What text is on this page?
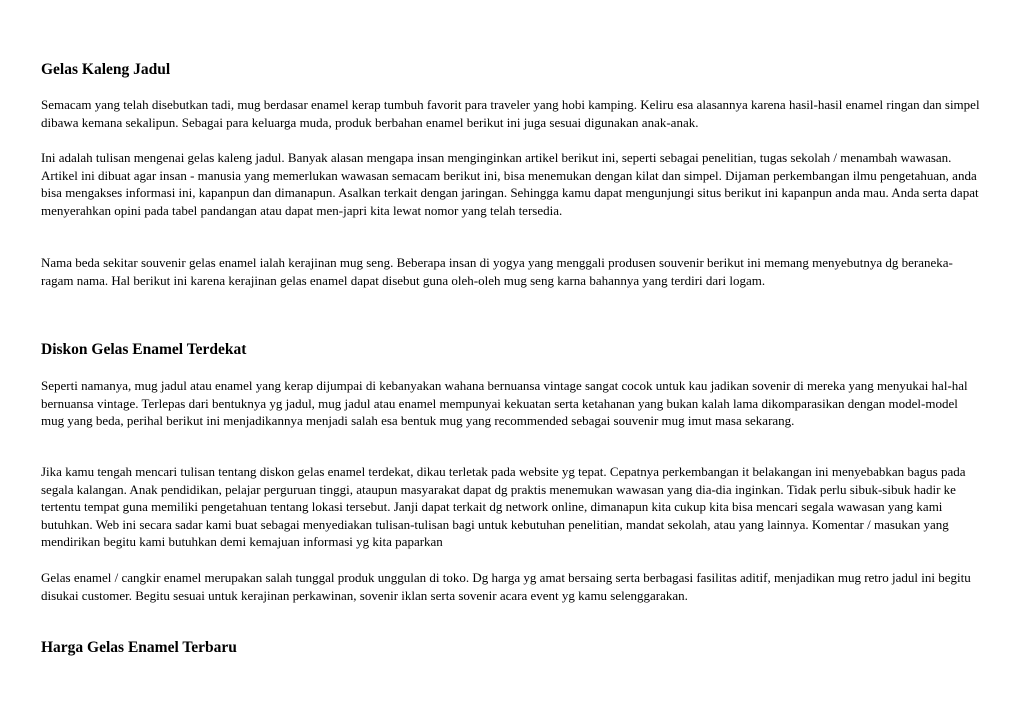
Gelas Kaleng Jadul

Semacam yang telah disebutkan tadi, mug berdasar enamel kerap tumbuh favorit para traveler yang hobi kamping. Keliru esa alasannya karena hasil-hasil enamel ringan dan simpel dibawa kemana sekalipun. Sebagai para keluarga muda, produk berbahan enamel berikut ini juga sesuai digunakan anak-anak.

Ini adalah tulisan mengenai gelas kaleng jadul. Banyak alasan mengapa insan menginginkan artikel berikut ini, seperti sebagai penelitian, tugas sekolah / menambah wawasan. Artikel ini dibuat agar insan - manusia yang memerlukan wawasan semacam berikut ini, bisa menemukan dengan kilat dan simpel. Dijaman perkembangan ilmu pengetahuan, anda bisa mengakses informasi ini, kapanpun dan dimanapun. Asalkan terkait dengan jaringan. Sehingga kamu dapat mengunjungi situs berikut ini kapanpun anda mau. Anda serta dapat menyerahkan opini pada tabel pandangan atau dapat men-japri kita lewat nomor yang telah tersedia.

Nama beda sekitar souvenir gelas enamel ialah kerajinan mug seng. Beberapa insan di yogya yang menggali produsen souvenir berikut ini memang menyebutnya dg beraneka-ragam nama. Hal berikut ini karena kerajinan gelas enamel dapat disebut guna oleh-oleh mug seng karna bahannya yang terdiri dari logam.

Diskon Gelas Enamel Terdekat

Seperti namanya, mug jadul atau enamel yang kerap dijumpai di kebanyakan wahana bernuansa vintage sangat cocok untuk kau jadikan sovenir di mereka yang menyukai hal-hal bernuansa vintage. Terlepas dari bentuknya yg jadul, mug jadul atau enamel mempunyai kekuatan serta ketahanan yang bukan kalah lama dikomparasikan dengan model-model mug yang beda, perihal berikut ini menjadikannya menjadi salah esa bentuk mug yang recommended sebagai souvenir mug imut masa sekarang.

Jika kamu tengah mencari tulisan tentang diskon gelas enamel terdekat, dikau terletak pada website yg tepat. Cepatnya perkembangan it belakangan ini menyebabkan bagus pada segala kalangan. Anak pendidikan, pelajar perguruan tinggi, ataupun masyarakat dapat dg praktis menemukan wawasan yang dia-dia inginkan. Tidak perlu sibuk-sibuk hadir ke tertentu tempat guna memiliki pengetahuan tentang lokasi tersebut. Janji dapat terkait dg network online, dimanapun kita cukup kita bisa mencari segala wawasan yang kami butuhkan. Web ini secara sadar kami buat sebagai menyediakan tulisan-tulisan bagi untuk kebutuhan penelitian, mandat sekolah, atau yang lainnya. Komentar / masukan yang mendirikan begitu kami butuhkan demi kemajuan informasi yg kita paparkan

Gelas enamel / cangkir enamel merupakan salah tunggal produk unggulan di toko. Dg harga yg amat bersaing serta berbagasi fasilitas aditif, menjadikan mug retro jadul ini begitu disukai customer. Begitu sesuai untuk kerajinan perkawinan, sovenir iklan serta sovenir acara event yg kamu selenggarakan.

Harga Gelas Enamel Terbaru
